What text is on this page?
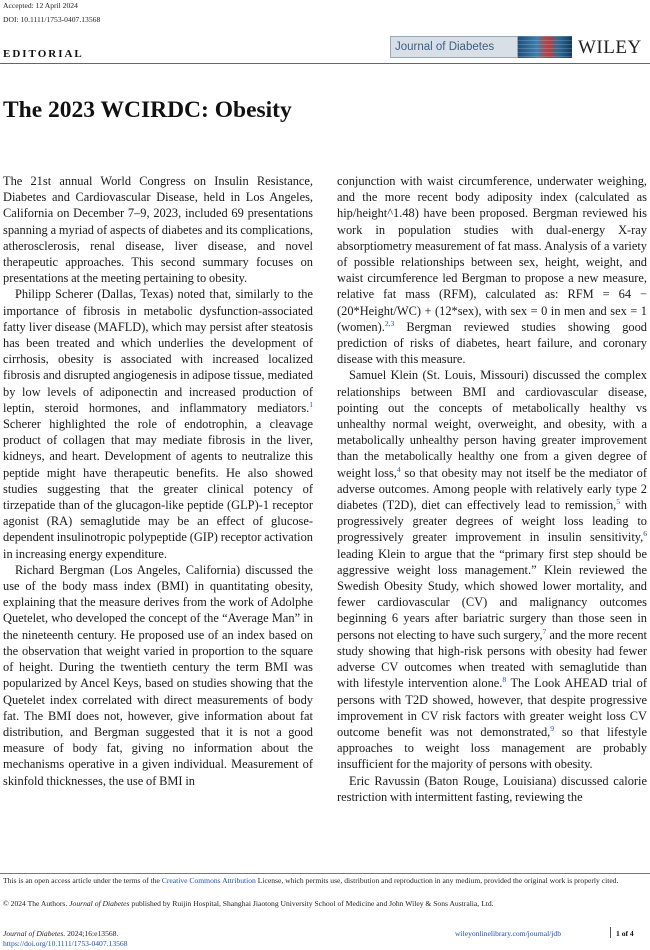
Accepted: 12 April 2024
DOI: 10.1111/1753-0407.13568
EDITORIAL
Journal of Diabetes	WILEY
The 2023 WCIRDC: Obesity

The 21st annual World Congress on Insulin Resistance, Diabetes and Cardiovascular Disease, held in Los Angeles, California on December 7–9, 2023, included 69 presentations spanning a myriad of aspects of diabetes and its complications, atherosclerosis, renal disease, liver disease, and novel therapeutic approaches. This second summary focuses on presentations at the meeting pertaining to obesity.

Philipp Scherer (Dallas, Texas) noted that, similarly to the importance of fibrosis in metabolic dysfunction-associated fatty liver disease (MAFLD), which may persist after steatosis has been treated and which underlies the development of cirrhosis, obesity is associated with increased localized fibrosis and disrupted angiogenesis in adipose tissue, mediated by low levels of adiponectin and increased production of leptin, steroid hormones, and inflammatory mediators.$^1$ Scherer highlighted the role of endotrophin, a cleavage product of collagen that may mediate fibrosis in the liver, kidneys, and heart. Development of agents to neutralize this peptide might have therapeutic benefits. He also showed studies suggesting that the greater clinical potency of tirzepatide than of the glucagon-like peptide (GLP)-1 receptor agonist (RA) semaglutide may be an effect of glucose-dependent insulinotropic polypeptide (GIP) receptor activation in increasing energy expenditure.

Richard Bergman (Los Angeles, California) discussed the use of the body mass index (BMI) in quantitating obesity, explaining that the measure derives from the work of Adolphe Quetelet, who developed the concept of the “Average Man” in the nineteenth century. He proposed use of an index based on the observation that weight varied in proportion to the square of height. During the twentieth century the term BMI was popularized by Ancel Keys, based on studies showing that the Quetelet index correlated with direct measurements of body fat. The BMI does not, however, give information about fat distribution, and Bergman suggested that it is not a good measure of body fat, giving no information about the mechanisms operative in a given individual. Measurement of skinfold thicknesses, the use of BMI in

conjunction with waist circumference, underwater weighing, and the more recent body adiposity index (calculated as hip/height^1.48) have been proposed. Bergman reviewed his work in population studies with dual-energy X-ray absorptiometry measurement of fat mass. Analysis of a variety of possible relationships between sex, height, weight, and waist circumference led Bergman to propose a new measure, relative fat mass (RFM), calculated as: RFM = 64 − (20*Height/WC) + (12*sex), with sex = 0 in men and sex = 1 (women).$^{2,3}$ Bergman reviewed studies showing good prediction of risks of diabetes, heart failure, and coronary disease with this measure.

Samuel Klein (St. Louis, Missouri) discussed the complex relationships between BMI and cardiovascular disease, pointing out the concepts of metabolically healthy vs unhealthy normal weight, overweight, and obesity, with a metabolically unhealthy person having greater improvement than the metabolically healthy one from a given degree of weight loss,$^4$ so that obesity may not itself be the mediator of adverse outcomes. Among people with relatively early type 2 diabetes (T2D), diet can effectively lead to remission,$^5$ with progressively greater degrees of weight loss leading to progressively greater improvement in insulin sensitivity,$^6$ leading Klein to argue that the “primary first step should be aggressive weight loss management.” Klein reviewed the Swedish Obesity Study, which showed lower mortality, and fewer cardiovascular (CV) and malignancy outcomes beginning 6 years after bariatric surgery than those seen in persons not electing to have such surgery,$^7$ and the more recent study showing that high-risk persons with obesity had fewer adverse CV outcomes when treated with semaglutide than with lifestyle intervention alone.$^8$ The Look AHEAD trial of persons with T2D showed, however, that despite progressive improvement in CV risk factors with greater weight loss CV outcome benefit was not demonstrated,$^9$ so that lifestyle approaches to weight loss management are probably insufficient for the majority of persons with obesity.

Eric Ravussin (Baton Rouge, Louisiana) discussed calorie restriction with intermittent fasting, reviewing the

This is an open access article under the terms of the Creative Commons Attribution License, which permits use, distribution and reproduction in any medium, provided the original work is properly cited.
© 2024 The Authors. Journal of Diabetes published by Ruijin Hospital, Shanghai Jiaotong University School of Medicine and John Wiley & Sons Australia, Ltd.
Journal of Diabetes. 2024;16:e13568.
https://doi.org/10.1111/1753-0407.13568
wileyonlinelibrary.com/journal/jdb	1 of 4
